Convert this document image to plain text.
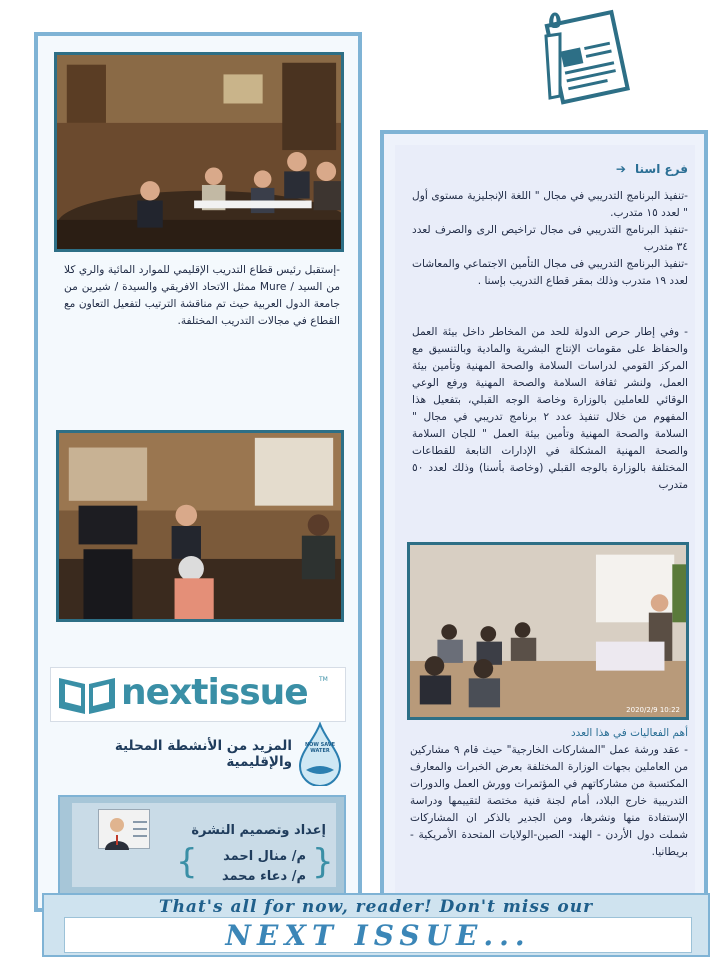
٥
-إستقبل رئيس قطاع التدريب الإقليمي للموارد المائية والري كلا من السيد / Mure ممثل الاتحاد الافريقي والسيدة / شيرين من جامعة الدول العربية حيث تم مناقشة الترتيب لتفعيل التعاون مع القطاع في مجالات التدريب المختلفة.
nextissue TM
المزيد من الأنشطة المحلية والإقليمية
NOW SAVE WATER
إعداد وتصميم النشرة
م/ منال احمد
م/ دعاء محمد
{	}
فرع اسنا ➔
-تنفيذ البرنامج التدريبي في مجال " اللغة الإنجليزية مستوى أول " لعدد ١٥ متدرب.
-تنفيذ البرنامج التدريبي فى مجال تراخيص الرى والصرف لعدد ٣٤ متدرب
-تنفيذ البرنامج التدريبي فى مجال التأمين الاجتماعي والمعاشات لعدد ١٩ متدرب وذلك بمقر قطاع التدريب بإسنا .
- وفي إطار حرص الدولة للحد من المخاطر داخل بيئة العمل والحفاظ على مقومات الإنتاج البشرية والمادية وبالتنسيق مع المركز القومي لدراسات السلامة والصحة المهنية وتأمين بيئة العمل، ولنشر ثقافة السلامة والصحة المهنية ورفع الوعي الوقائي للعاملين بالوزارة وخاصة الوجه القبلي، بتفعيل هذا المفهوم من خلال تنفيذ عدد ٢ برنامج تدريبي في مجال " السلامة والصحة المهنية وتأمين بيئة العمل " للجان السلامة والصحة المهنية المشكلة في الإدارات التابعة للقطاعات المختلفة بالوزارة بالوجه القبلي (وخاصة بأسنا) وذلك لعدد ٥٠ متدرب
2020/2/9 10:22
أهم الفعاليات في هذا العدد
- عقد ورشة عمل "المشاركات الخارجية" حيث قام ٩ مشاركين من العاملين بجهات الوزارة المختلفة بعرض الخبرات والمعارف المكتسبة من مشاركاتهم في المؤتمرات وورش العمل والدورات التدريبية خارج البلاد، أمام لجنة فنية مختصة لتقييمها ودراسة الإستفادة منها ونشرها، ومن الجدير بالذكر ان المشاركات شملت دول الأردن - الهند- الصين-الولايات المتحدة الأمريكية - بريطانيا.
That's all for now, reader! Don't miss our
NEXT ISSUE...
